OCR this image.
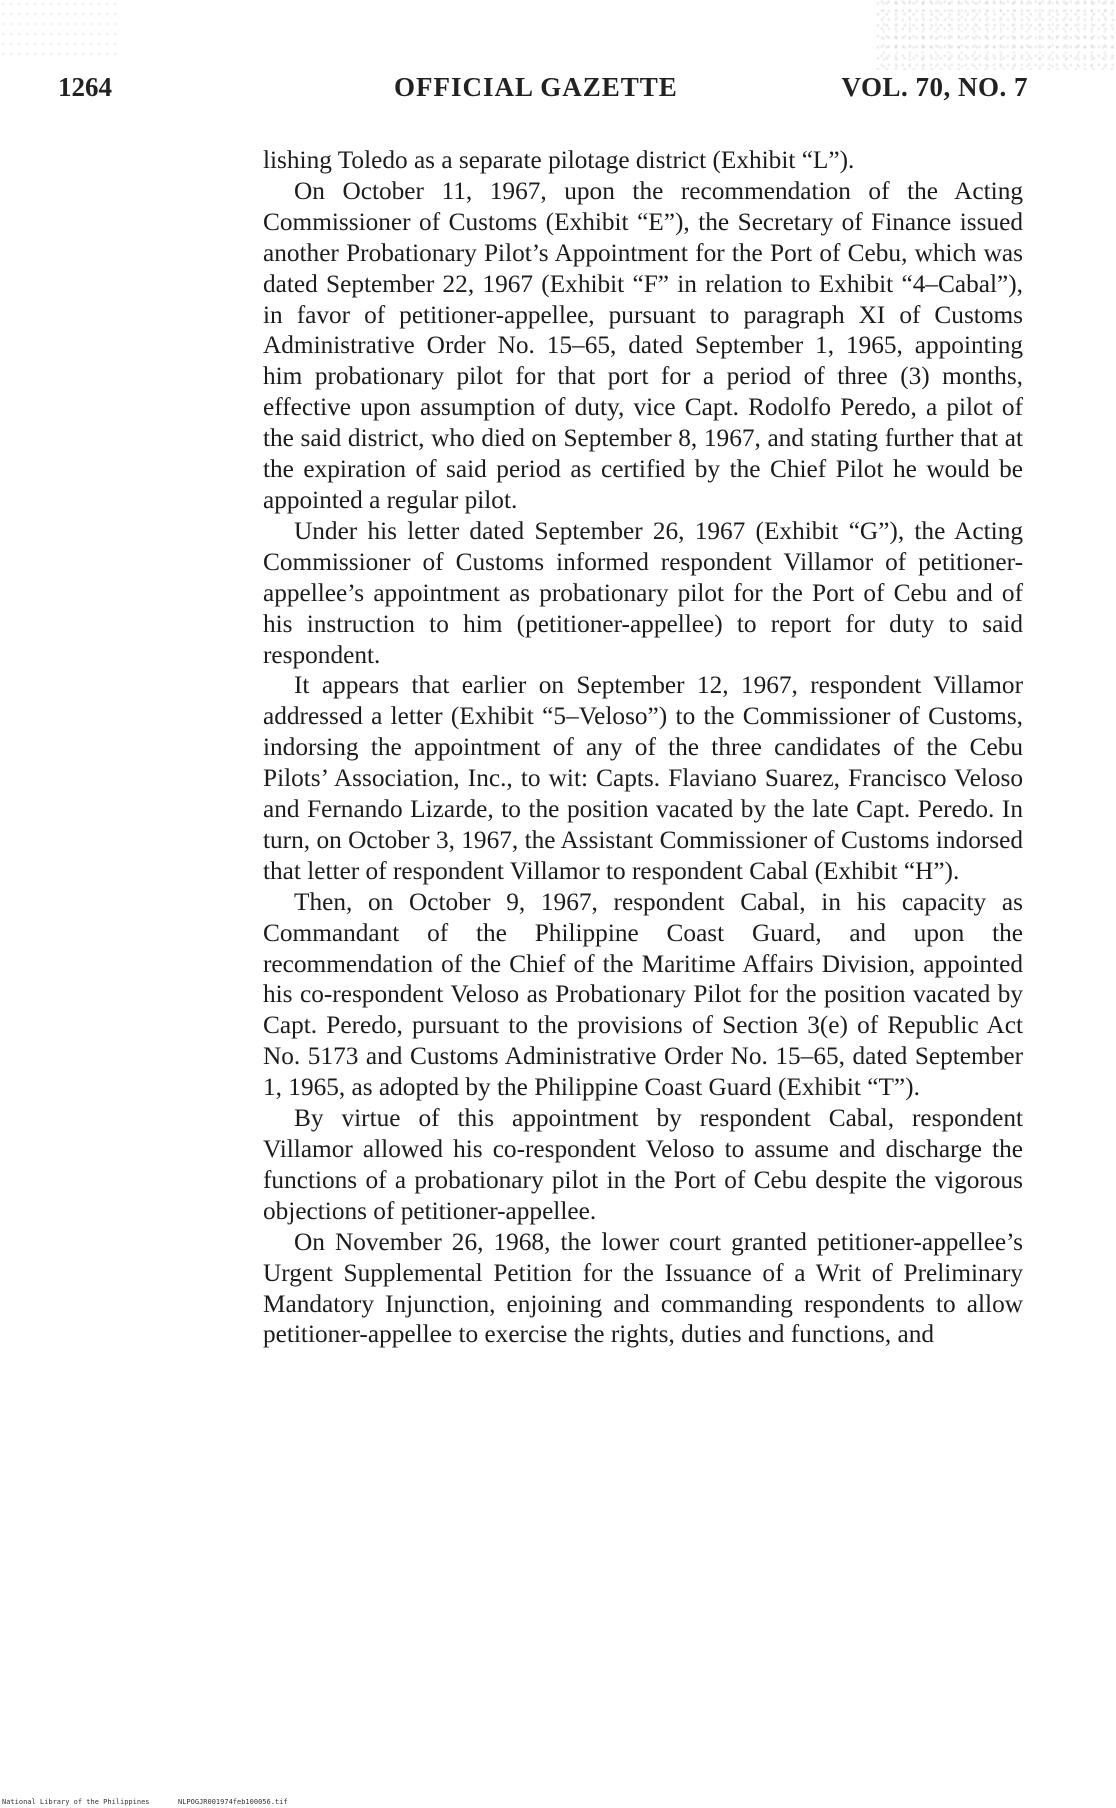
1264	OFFICIAL GAZETTE	VOL. 70, NO. 7

lishing Toledo as a separate pilotage district (Exhibit “L”).

On October 11, 1967, upon the recommendation of the Acting Commissioner of Customs (Exhibit “E”), the Secretary of Finance issued another Probationary Pilot’s Appointment for the Port of Cebu, which was dated September 22, 1967 (Exhibit “F” in relation to Exhibit “4–Cabal”), in favor of petitioner-appellee, pursuant to paragraph XI of Customs Administrative Order No. 15–65, dated September 1, 1965, appointing him probationary pilot for that port for a period of three (3) months, effective upon assumption of duty, vice Capt. Rodolfo Peredo, a pilot of the said district, who died on September 8, 1967, and stating further that at the expiration of said period as certified by the Chief Pilot he would be appointed a regular pilot.

Under his letter dated September 26, 1967 (Exhibit “G”), the Acting Commissioner of Customs informed respondent Villamor of petitioner-appellee’s appointment as probationary pilot for the Port of Cebu and of his instruction to him (petitioner-appellee) to report for duty to said respondent.

It appears that earlier on September 12, 1967, respondent Villamor addressed a letter (Exhibit “5–Veloso”) to the Commissioner of Customs, indorsing the appointment of any of the three candidates of the Cebu Pilots’ Association, Inc., to wit: Capts. Flaviano Suarez, Francisco Veloso and Fernando Lizarde, to the position vacated by the late Capt. Peredo. In turn, on October 3, 1967, the Assistant Commissioner of Customs indorsed that letter of respondent Villamor to respondent Cabal (Exhibit “H”).

Then, on October 9, 1967, respondent Cabal, in his capacity as Commandant of the Philippine Coast Guard, and upon the recommendation of the Chief of the Maritime Affairs Division, appointed his co-respondent Veloso as Probationary Pilot for the position vacated by Capt. Peredo, pursuant to the provisions of Section 3(e) of Republic Act No. 5173 and Customs Administrative Order No. 15–65, dated September 1, 1965, as adopted by the Philippine Coast Guard (Exhibit “T”).

By virtue of this appointment by respondent Cabal, respondent Villamor allowed his co-respondent Veloso to assume and discharge the functions of a probationary pilot in the Port of Cebu despite the vigorous objections of petitioner-appellee.

On November 26, 1968, the lower court granted petitioner-appellee’s Urgent Supplemental Petition for the Issuance of a Writ of Preliminary Mandatory Injunction, enjoining and commanding respondents to allow petitioner-appellee to exercise the rights, duties and functions, and

National Library of the Philippines	NLPOGJR001974feb100056.tif
